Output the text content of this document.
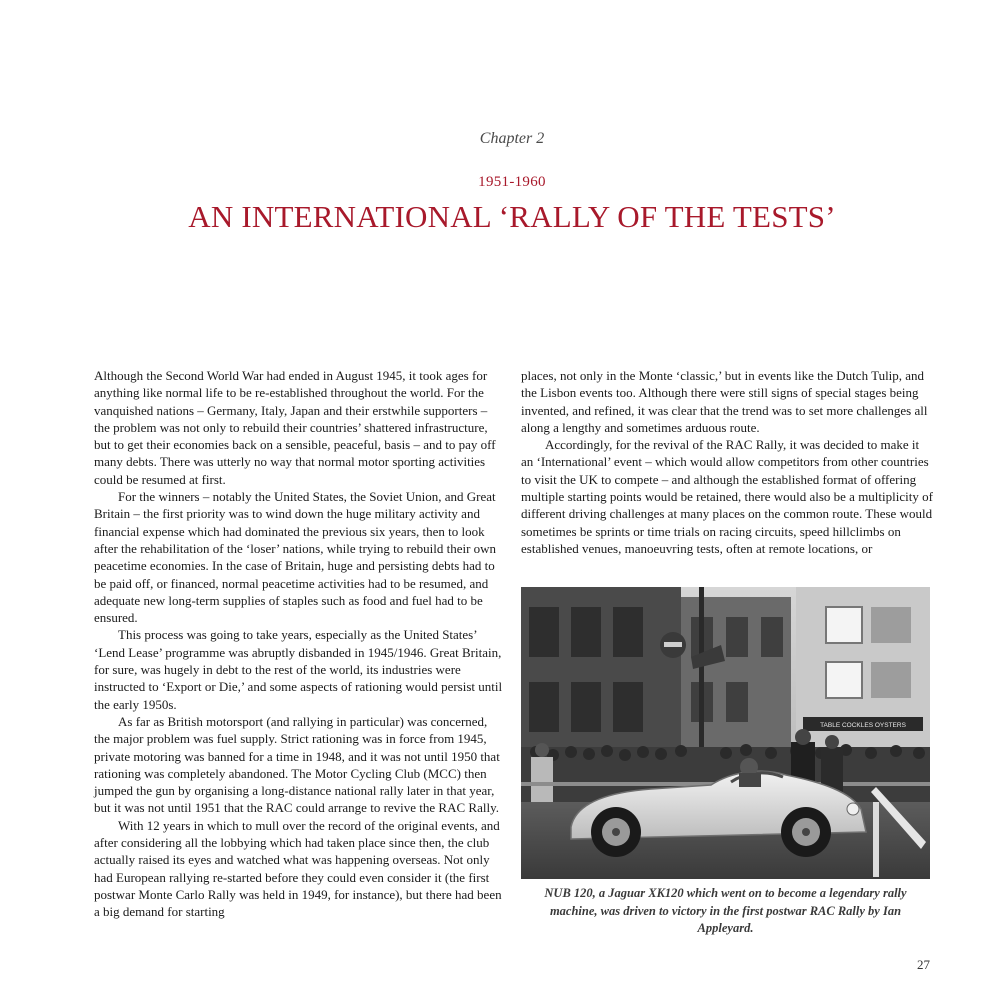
Chapter 2
1951-1960
AN INTERNATIONAL ‘RALLY OF THE TESTS’

Although the Second World War had ended in August 1945, it took ages for anything like normal life to be re-established throughout the world. For the vanquished nations – Germany, Italy, Japan and their erstwhile supporters – the problem was not only to rebuild their countries’ shattered infrastructure, but to get their economies back on a sensible, peaceful, basis – and to pay off many debts. There was utterly no way that normal motor sporting activities could be resumed at first.

For the winners – notably the United States, the Soviet Union, and Great Britain – the first priority was to wind down the huge military activity and financial expense which had dominated the previous six years, then to look after the rehabilitation of the ‘loser’ nations, while trying to rebuild their own peacetime economies. In the case of Britain, huge and persisting debts had to be paid off, or financed, normal peacetime activities had to be resumed, and adequate new long-term supplies of staples such as food and fuel had to be ensured.

This process was going to take years, especially as the United States’ ‘Lend Lease’ programme was abruptly disbanded in 1945/1946. Great Britain, for sure, was hugely in debt to the rest of the world, its industries were instructed to ‘Export or Die,’ and some aspects of rationing would persist until the early 1950s.

As far as British motorsport (and rallying in particular) was concerned, the major problem was fuel supply. Strict rationing was in force from 1945, private motoring was banned for a time in 1948, and it was not until 1950 that rationing was completely abandoned. The Motor Cycling Club (MCC) then jumped the gun by organising a long-distance national rally later in that year, but it was not until 1951 that the RAC could arrange to revive the RAC Rally.

With 12 years in which to mull over the record of the original events, and after considering all the lobbying which had taken place since then, the club actually raised its eyes and watched what was happening overseas. Not only had European rallying re-started before they could even consider it (the first postwar Monte Carlo Rally was held in 1949, for instance), but there had been a big demand for starting

places, not only in the Monte ‘classic,’ but in events like the Dutch Tulip, and the Lisbon events too. Although there were still signs of special stages being invented, and refined, it was clear that the trend was to set more challenges all along a lengthy and sometimes arduous route.

Accordingly, for the revival of the RAC Rally, it was decided to make it an ‘International’ event – which would allow competitors from other countries to visit the UK to compete – and although the established format of offering multiple starting points would be retained, there would also be a multiplicity of different driving challenges at many places on the common route. These would sometimes be sprints or time trials on racing circuits, speed hillclimbs on established venues, manoeuvring tests, often at remote locations, or

TABLE COCKLES OYSTERS
NUB 120, a Jaguar XK120 which went on to become a legendary rally machine, was driven to victory in the first postwar RAC Rally by Ian Appleyard.
27
